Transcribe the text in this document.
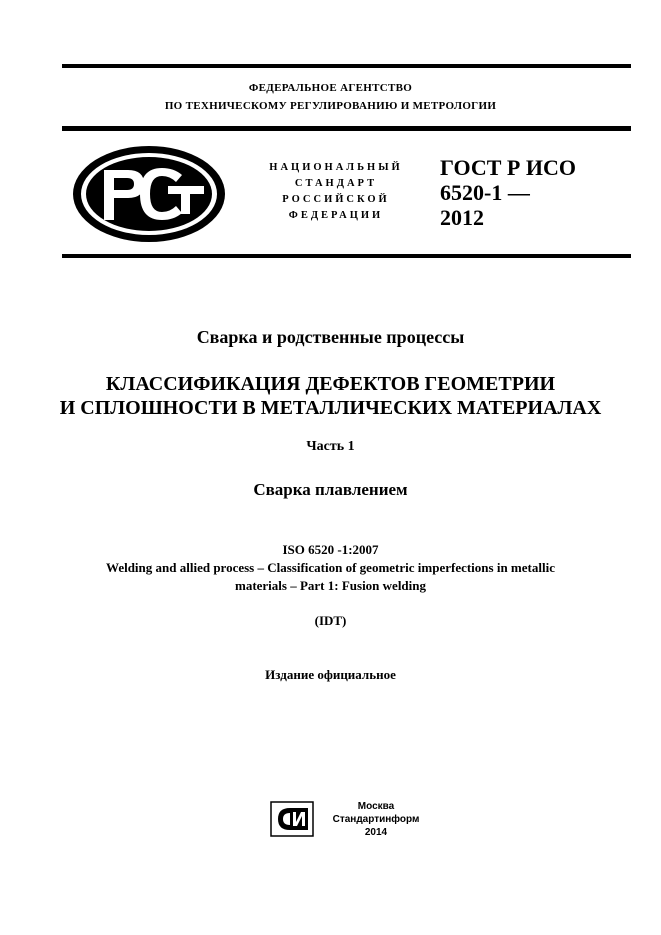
ФЕДЕРАЛЬНОЕ АГЕНТСТВО
ПО ТЕХНИЧЕСКОМУ РЕГУЛИРОВАНИЮ И МЕТРОЛОГИИ
НАЦИОНАЛЬНЫЙ
СТАНДАРТ
РОССИЙСКОЙ
ФЕДЕРАЦИИ
ГОСТ Р ИСО
6520-1 —
2012
Сварка и родственные процессы
КЛАССИФИКАЦИЯ ДЕФЕКТОВ ГЕОМЕТРИИ
И СПЛОШНОСТИ В МЕТАЛЛИЧЕСКИХ МАТЕРИАЛАХ
Часть 1
Сварка плавлением
ISO 6520 -1:2007
Welding and allied process – Classification of geometric imperfections in metallic
materials – Part 1: Fusion welding
(IDT)
Издание официальное
Москва
Стандартинформ
2014
